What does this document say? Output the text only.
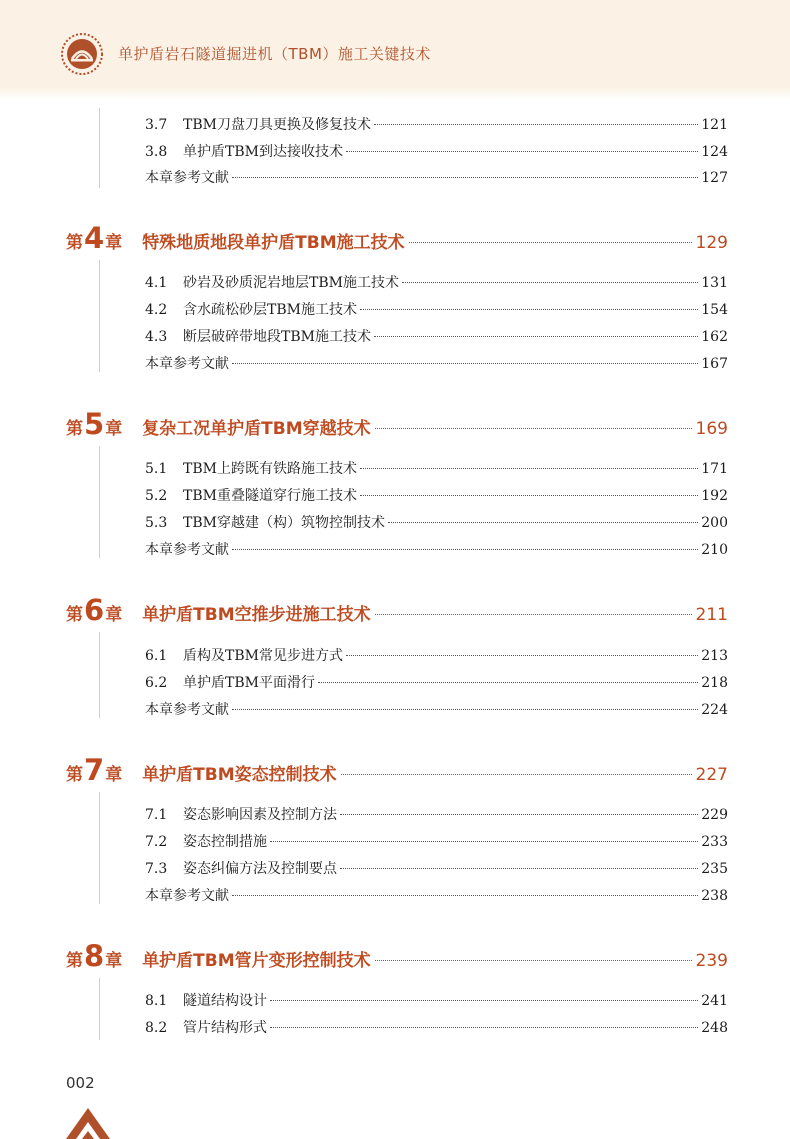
单护盾岩石隧道掘进机（TBM）施工关键技术
3.7	TBM刀盘刀具更换及修复技术	121
3.8	单护盾TBM到达接收技术	124
本章参考文献	127
第 4 章 特殊地质地段单护盾TBM施工技术	129
4.1	砂岩及砂质泥岩地层TBM施工技术	131
4.2	含水疏松砂层TBM施工技术	154
4.3	断层破碎带地段TBM施工技术	162
本章参考文献	167
第 5 章 复杂工况单护盾TBM穿越技术	169
5.1	TBM上跨既有铁路施工技术	171
5.2	TBM重叠隧道穿行施工技术	192
5.3	TBM穿越建（构）筑物控制技术	200
本章参考文献	210
第 6 章 单护盾TBM空推步进施工技术	211
6.1	盾构及TBM常见步进方式	213
6.2	单护盾TBM平面滑行	218
本章参考文献	224
第 7 章 单护盾TBM姿态控制技术	227
7.1	姿态影响因素及控制方法	229
7.2	姿态控制措施	233
7.3	姿态纠偏方法及控制要点	235
本章参考文献	238
第 8 章 单护盾TBM管片变形控制技术	239
8.1	隧道结构设计	241
8.2	管片结构形式	248
002
